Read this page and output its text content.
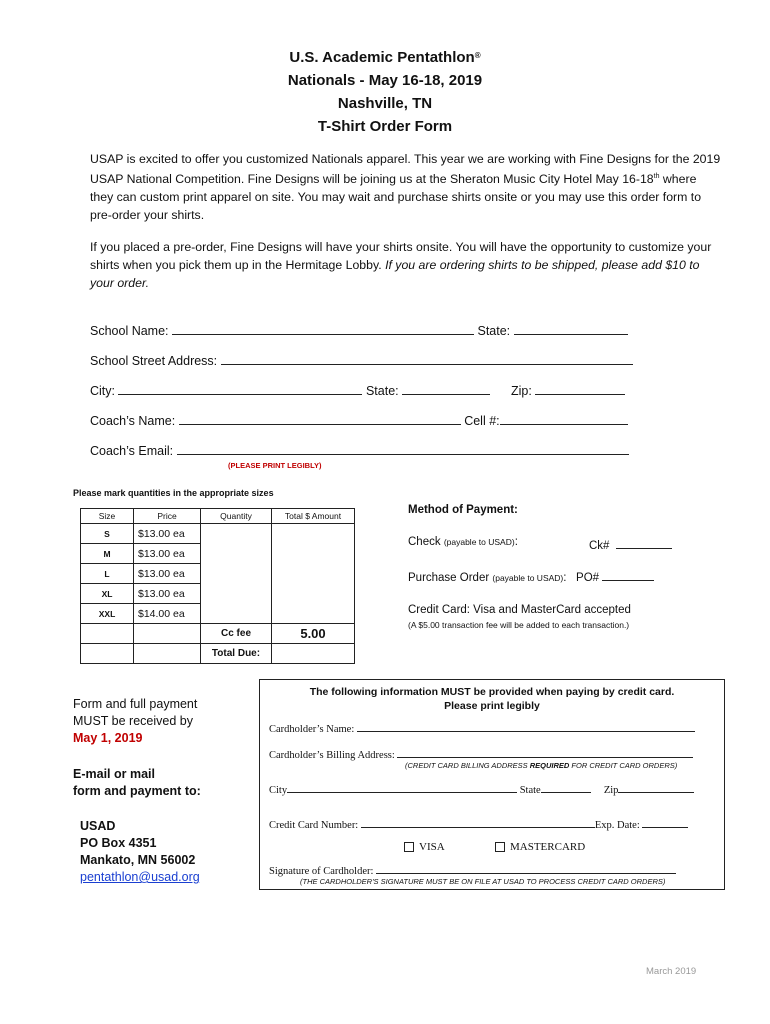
U.S. Academic Pentathlon®
Nationals - May 16-18, 2019
Nashville, TN
T-Shirt Order Form
USAP is excited to offer you customized Nationals apparel. This year we are working with Fine Designs for the 2019 USAP National Competition. Fine Designs will be joining us at the Sheraton Music City Hotel May 16-18th where they can custom print apparel on site. You may wait and purchase shirts onsite or you may use this order form to pre-order your shirts.
If you placed a pre-order, Fine Designs will have your shirts onsite. You will have the opportunity to customize your shirts when you pick them up in the Hermitage Lobby. If you are ordering shirts to be shipped, please add $10 to your order.
School Name:	State:
School Street Address:
City:	State:	Zip:
Coach’s Name:	Cell #:
Coach’s Email:
(PLEASE PRINT LEGIBLY)
Please mark quantities in the appropriate sizes
Size	Price	Quantity	Total $ Amount
S	$13.00 ea		
M	$13.00 ea		
L	$13.00 ea		
XL	$13.00 ea		
XXL	$14.00 ea		
		Cc fee	5.00
		Total Due:	
Method of Payment:
Check (payable to USAD):	Ck#
Purchase Order (payable to USAD):   PO#
Credit Card: Visa and MasterCard accepted
(A $5.00 transaction fee will be added to each transaction.)
Form and full payment
MUST be received by
May 1, 2019
E-mail or mail
form and payment to:
USAD
PO Box 4351
Mankato, MN 56002
pentathlon@usad.org
The following information MUST be provided when paying by credit card.
Please print legibly
Cardholder’s Name:
Cardholder’s Billing Address:
(CREDIT CARD BILLING ADDRESS REQUIRED FOR CREDIT CARD ORDERS)
City	State	Zip
Credit Card Number:	Exp. Date:
VISA	MASTERCARD
Signature of Cardholder:
(THE CARDHOLDER'S SIGNATURE MUST BE ON FILE AT USAD TO PROCESS CREDIT CARD ORDERS)
March 2019
